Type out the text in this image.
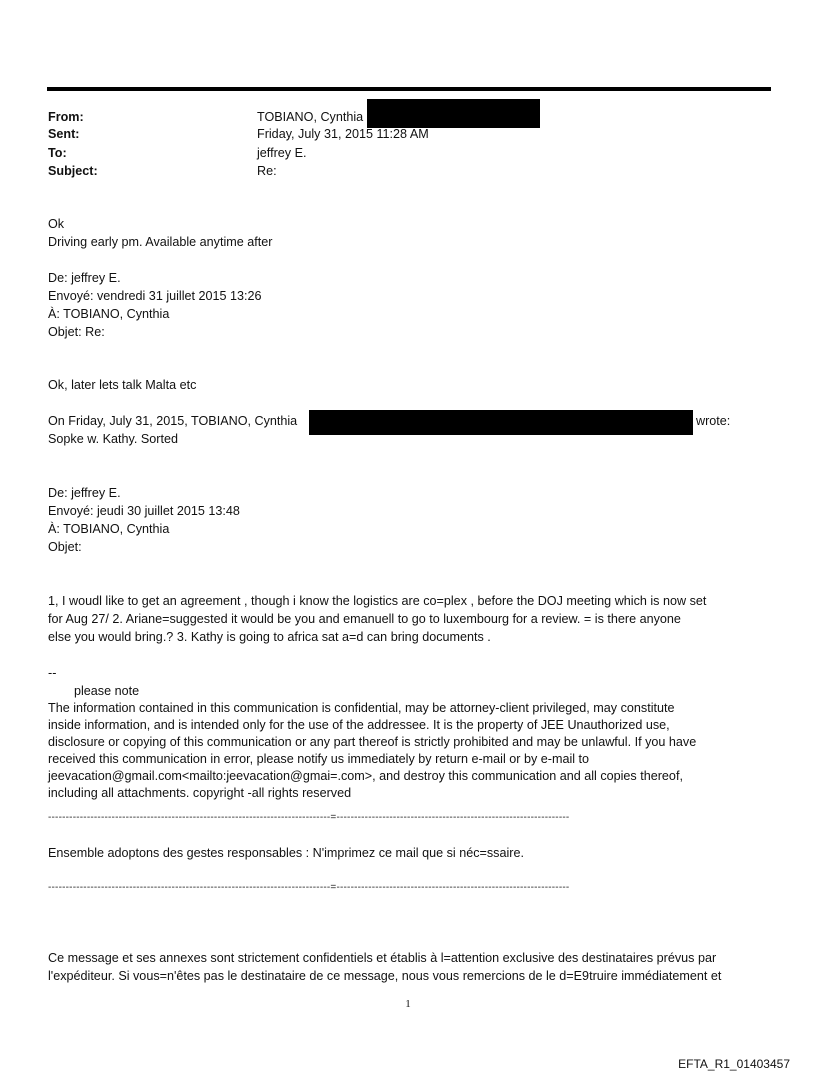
From:	TOBIANO, Cynthia
Sent:	Friday, July 31, 2015 11:28 AM
To:	jeffrey E.
Subject:	Re:
Ok
Driving early pm. Available anytime after
De: jeffrey E.
Envoyé: vendredi 31 juillet 2015 13:26
À: TOBIANO, Cynthia
Objet: Re:
Ok, later lets talk Malta etc
On Friday, July 31, 2015, TOBIANO, Cynthia	wrote:
Sopke w. Kathy. Sorted
De: jeffrey E.
Envoyé: jeudi 30 juillet 2015 13:48
À: TOBIANO, Cynthia
Objet:
1, I woudl like to get an agreement , though i know the logistics are co=plex , before the DOJ meeting which is now set
for Aug 27/ 2. Ariane=suggested it would be you and emanuell to go to luxembourg for a review. = is there anyone
else you would bring.? 3. Kathy is going to africa sat a=d can bring documents .
--
please note
The information contained in this communication is confidential, may be attorney-client privileged, may constitute
inside information, and is intended only for the use of the addressee. It is the property of JEE Unauthorized use,
disclosure or copying of this communication or any part thereof is strictly prohibited and may be unlawful. If you have
received this communication in error, please notify us immediately by return e-mail or by e-mail to
jeevacation@gmail.com<mailto:jeevacation@gmai=.com>, and destroy this communication and all copies thereof,
including all attachments. copyright -all rights reserved
--------------------------------------------------------------------------------=------------------------------------------------------------------
Ensemble adoptons des gestes responsables : N'imprimez ce mail que si néc=ssaire.
--------------------------------------------------------------------------------=------------------------------------------------------------------
Ce message et ses annexes sont strictement confidentiels et établis à l=attention exclusive des destinataires prévus par
l'expéditeur. Si vous=n'êtes pas le destinataire de ce message, nous vous remercions de le d=E9truire immédiatement et
1
EFTA_R1_01403457
